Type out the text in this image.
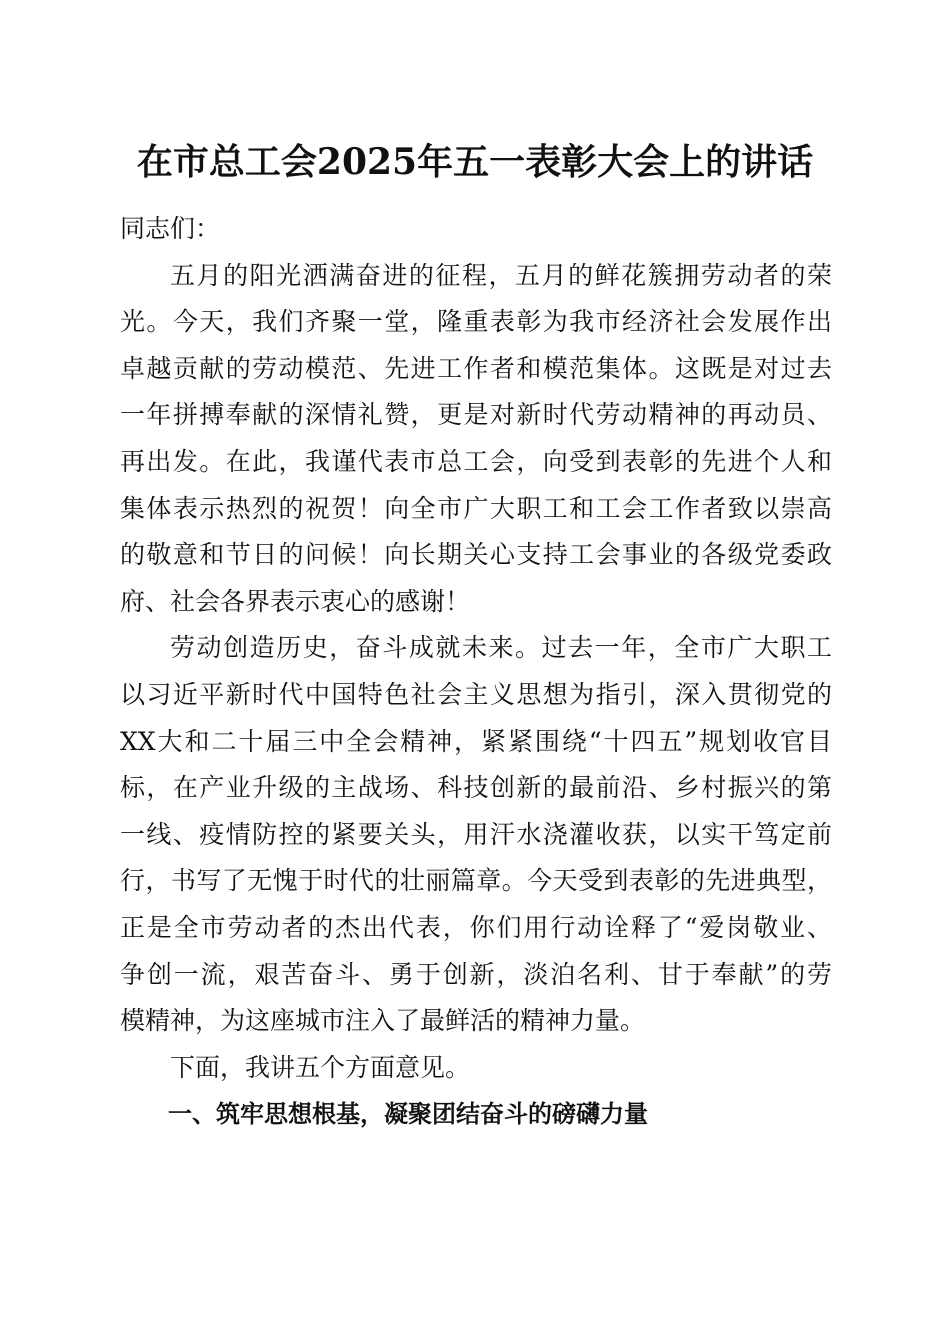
在市总工会2025年五一表彰大会上的讲话

同志们：

五月的阳光洒满奋进的征程，五月的鲜花簇拥劳动者的荣
光。今天，我们齐聚一堂，隆重表彰为我市经济社会发展作出
卓越贡献的劳动模范、先进工作者和模范集体。这既是对过去
一年拼搏奉献的深情礼赞，更是对新时代劳动精神的再动员、
再出发。在此，我谨代表市总工会，向受到表彰的先进个人和
集体表示热烈的祝贺！向全市广大职工和工会工作者致以崇高
的敬意和节日的问候！向长期关心支持工会事业的各级党委政
府、社会各界表示衷心的感谢！
劳动创造历史，奋斗成就未来。过去一年，全市广大职工
以习近平新时代中国特色社会主义思想为指引，深入贯彻党的
XX大和二十届三中全会精神，紧紧围绕“十四五”规划收官目
标，在产业升级的主战场、科技创新的最前沿、乡村振兴的第
一线、疫情防控的紧要关头，用汗水浇灌收获，以实干笃定前
行，书写了无愧于时代的壮丽篇章。今天受到表彰的先进典型，
正是全市劳动者的杰出代表，你们用行动诠释了“爱岗敬业、
争创一流，艰苦奋斗、勇于创新，淡泊名利、甘于奉献”的劳
模精神，为这座城市注入了最鲜活的精神力量。
下面，我讲五个方面意见。

一、筑牢思想根基，凝聚团结奋斗的磅礴力量
